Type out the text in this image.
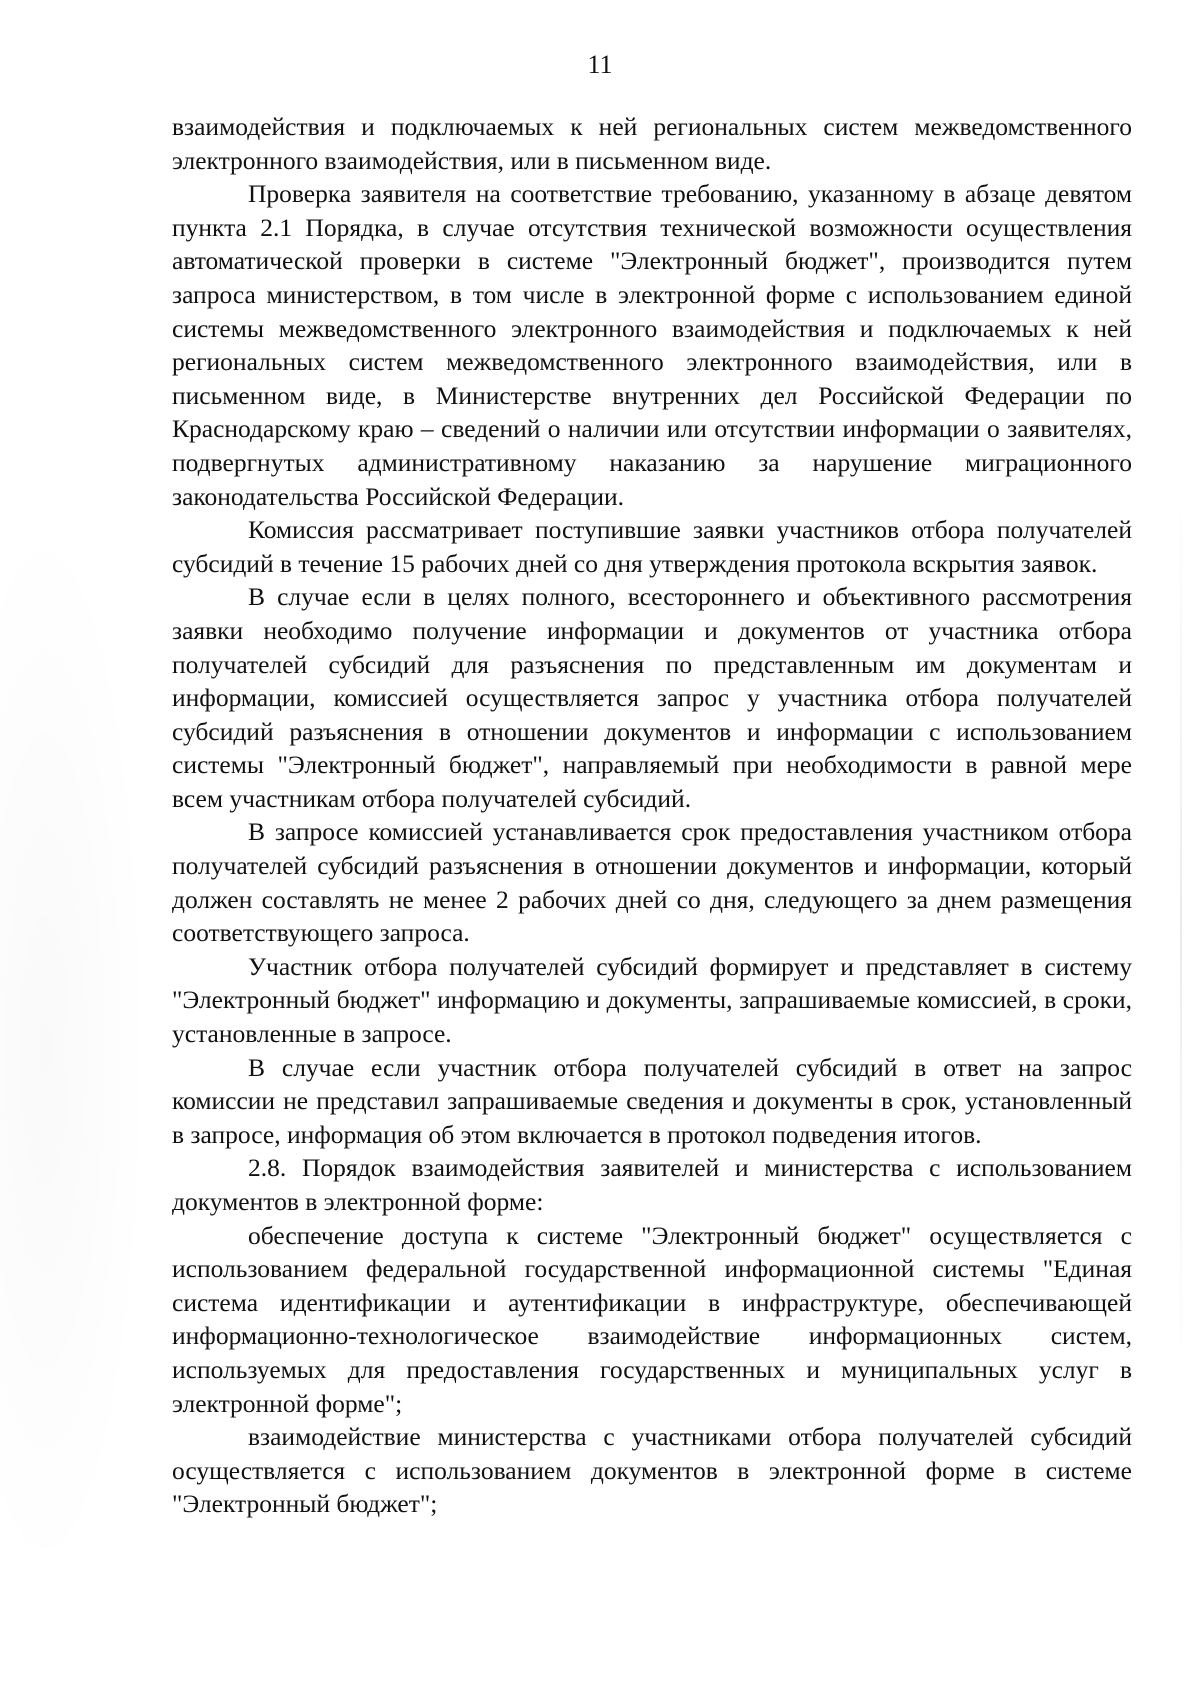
11

взаимодействия и подключаемых к ней региональных систем межведомственного электронного взаимодействия, или в письменном виде.

Проверка заявителя на соответствие требованию, указанному в абзаце девятом пункта 2.1 Порядка, в случае отсутствия технической возможности осуществления автоматической проверки в системе "Электронный бюджет", производится путем запроса министерством, в том числе в электронной форме с использованием единой системы межведомственного электронного взаимодействия и подключаемых к ней региональных систем межведомственного электронного взаимодействия, или в письменном виде, в Министерстве внутренних дел Российской Федерации по Краснодарскому краю – сведений о наличии или отсутствии информации о заявителях, подвергнутых административному наказанию за нарушение миграционного законодательства Российской Федерации.

Комиссия рассматривает поступившие заявки участников отбора получателей субсидий в течение 15 рабочих дней со дня утверждения протокола вскрытия заявок.

В случае если в целях полного, всестороннего и объективного рассмотрения заявки необходимо получение информации и документов от участника отбора получателей субсидий для разъяснения по представленным им документам и информации, комиссией осуществляется запрос у участника отбора получателей субсидий разъяснения в отношении документов и информации с использованием системы "Электронный бюджет", направляемый при необходимости в равной мере всем участникам отбора получателей субсидий.

В запросе комиссией устанавливается срок предоставления участником отбора получателей субсидий разъяснения в отношении документов и информации, который должен составлять не менее 2 рабочих дней со дня, следующего за днем размещения соответствующего запроса.

Участник отбора получателей субсидий формирует и представляет в систему "Электронный бюджет" информацию и документы, запрашиваемые комиссией, в сроки, установленные в запросе.

В случае если участник отбора получателей субсидий в ответ на запрос комиссии не представил запрашиваемые сведения и документы в срок, установленный в запросе, информация об этом включается в протокол подведения итогов.

2.8. Порядок взаимодействия заявителей и министерства с использованием документов в электронной форме:

обеспечение доступа к системе "Электронный бюджет" осуществляется с использованием федеральной государственной информационной системы "Единая система идентификации и аутентификации в инфраструктуре, обеспечивающей информационно-технологическое взаимодействие информационных систем, используемых для предоставления государственных и муниципальных услуг в электронной форме";

взаимодействие министерства с участниками отбора получателей субсидий осуществляется с использованием документов в электронной форме в системе "Электронный бюджет";
